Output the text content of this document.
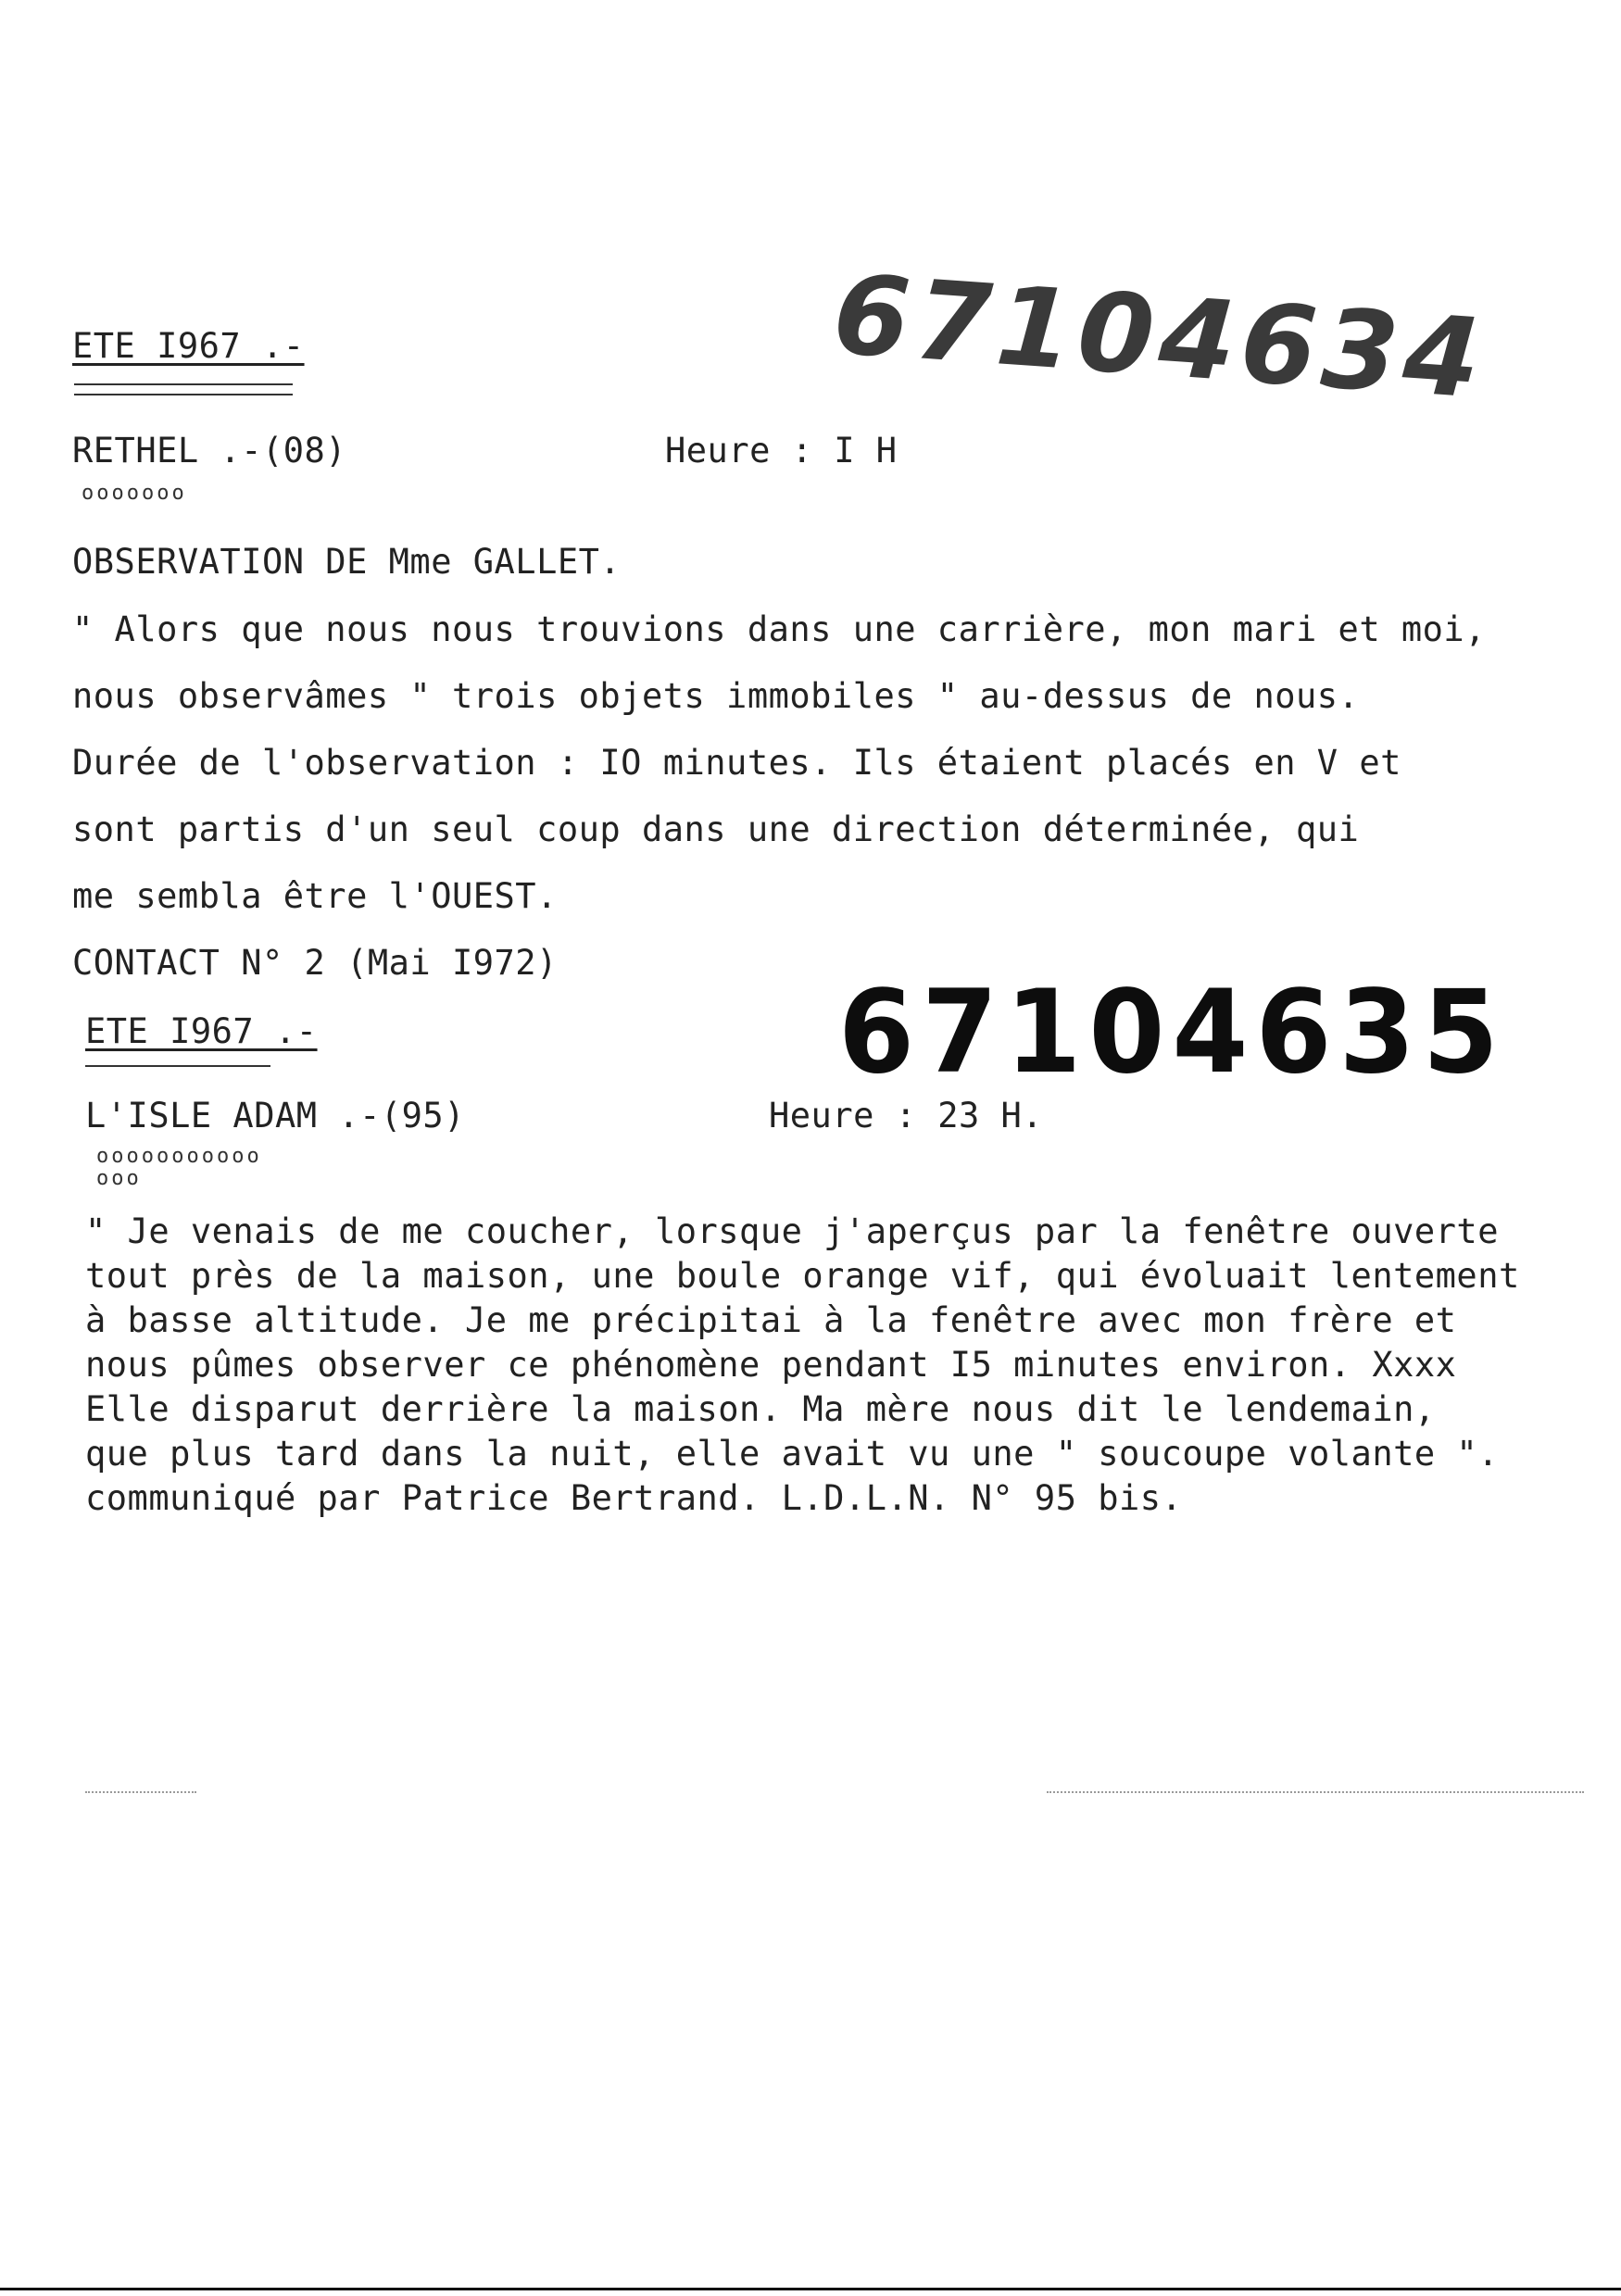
67104634
ETE I967 .-
RETHEL .-(08)
ooooooo
Heure : I H
OBSERVATION DE Mme GALLET.
" Alors que nous nous trouvions dans une carrière, mon mari et moi,
nous observâmes " trois objets immobiles " au-dessus de nous.
Durée de l'observation : IO minutes. Ils étaient placés en V et
sont partis d'un seul coup dans une direction déterminée, qui
me sembla être l'OUEST.
CONTACT N° 2 (Mai I972)
67104635
ETE I967 .-
L'ISLE ADAM .-(95)
ooooooooooo
ooo
Heure : 23 H.
" Je venais de me coucher, lorsque j'aperçus par la fenêtre ouverte
tout près de la maison, une boule orange vif, qui évoluait lentement
à basse altitude. Je me précipitai à la fenêtre avec mon frère et
nous pûmes observer ce phénomène pendant I5 minutes environ. Xxxx
Elle disparut derrière la maison. Ma mère nous dit le lendemain,
que plus tard dans la nuit, elle avait vu une " soucoupe volante ".
communiqué par Patrice Bertrand. L.D.L.N. N° 95 bis.
